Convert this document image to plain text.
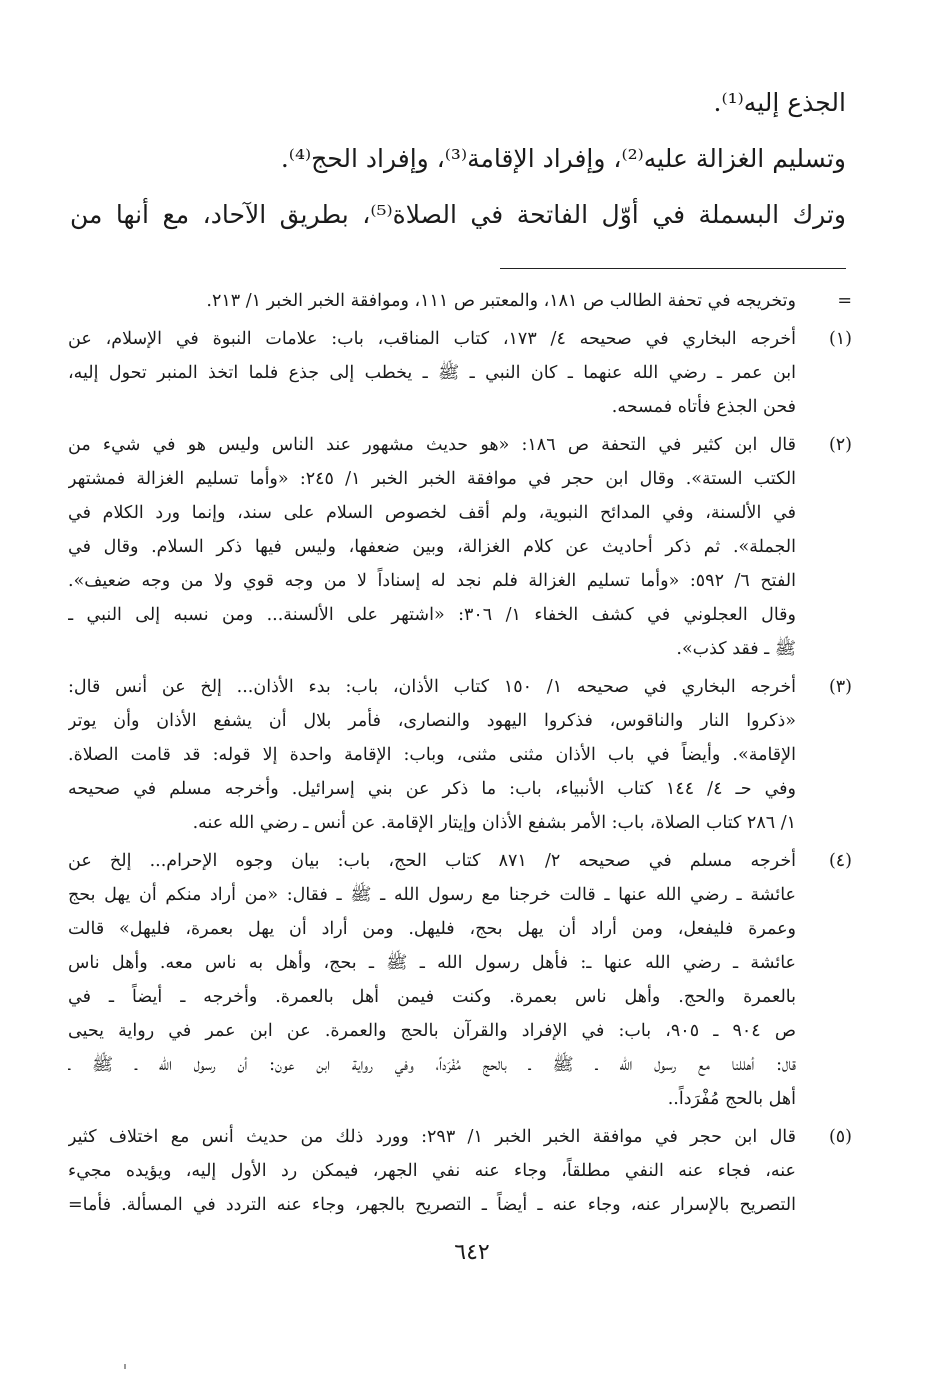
الجذع إليه⁽¹⁾.
وتسليم الغزالة عليه⁽²⁾، وإفراد الإقامة⁽³⁾، وإفراد الحج⁽⁴⁾.
وترك البسملة في أوّل الفاتحة في الصلاة⁽⁵⁾، بطريق الآحاد، مع أنها من
=
وتخريجه في تحفة الطالب ص ١٨١، والمعتبر ص ١١١، وموافقة الخبر الخبر ١/ ٢١٣.
(١)
أخرجه البخاري في صحيحه ٤/ ١٧٣، كتاب المناقب، باب: علامات النبوة في الإسلام، عن
ابن عمر ـ رضي الله عنهما ـ كان النبي ـ ﷺ ـ يخطب إلى جذع فلما اتخذ المنبر تحول إليه،
فحن الجذع فأتاه فمسحه.
(٢)
قال ابن كثير في التحفة ص ١٨٦: «هو حديث مشهور عند الناس وليس هو في شيء من
الكتب الستة». وقال ابن حجر في موافقة الخبر الخبر ١/ ٢٤٥: «وأما تسليم الغزالة فمشتهر
في الألسنة، وفي المدائح النبوية، ولم أقف لخصوص السلام على سند، وإنما ورد الكلام في
الجملة». ثم ذكر أحاديث عن كلام الغزالة، وبين ضعفها، وليس فيها ذكر السلام. وقال في
الفتح ٦/ ٥٩٢: «وأما تسليم الغزالة فلم نجد له إسناداً لا من وجه قوي ولا من وجه ضعيف».
وقال العجلوني في كشف الخفاء ١/ ٣٠٦: «اشتهر على الألسنة... ومن نسبه إلى النبي ـ
ﷺ ـ فقد كذب».
(٣)
أخرجه البخاري في صحيحه ١/ ١٥٠ كتاب الأذان، باب: بدء الأذان... إلخ عن أنس قال:
«ذكروا النار والناقوس، فذكروا اليهود والنصارى، فأمر بلال أن يشفع الأذان وأن يوتر
الإقامة». وأيضاً في باب الأذان مثنى مثنى، وباب: الإقامة واحدة إلا قوله: قد قامت الصلاة.
وفي حـ ٤/ ١٤٤ كتاب الأنبياء، باب: ما ذكر عن بني إسرائيل. وأخرجه مسلم في صحيحه
١/ ٢٨٦ كتاب الصلاة، باب: الأمر بشفع الأذان وإيتار الإقامة. عن أنس ـ رضي الله عنه.
(٤)
أخرجه مسلم في صحيحه ٢/ ٨٧١ كتاب الحج، باب: بيان وجوه الإحرام... إلخ عن
عائشة ـ رضي الله عنها ـ قالت خرجنا مع رسول الله ـ ﷺ ـ فقال: «من أراد منكم أن يهل بحج
وعمرة فليفعل، ومن أراد أن يهل بحج، فليهل. ومن أراد أن يهل بعمرة، فليهل» قالت
عائشة ـ رضي الله عنها ـ: فأهل رسول الله ـ ﷺ ـ بحج، وأهل به ناس معه. وأهل ناس
بالعمرة والحج. وأهل ناس بعمرة. وكنت فيمن أهل بالعمرة. وأخرجه ـ أيضاً ـ في
ص ٩٠٤ ـ ٩٠٥، باب: في الإفراد والقرآن بالحج والعمرة. عن ابن عمر في رواية يحيى
قال: أهللنا مع رسول الله ـ ﷺ ـ بالحج مُفْرَداً، وفي رواية ابن عون: أن رسول الله ـ ﷺ ـ
أهل بالحج مُفْرَداً..
(٥)
قال ابن حجر في موافقة الخبر الخبر ١/ ٢٩٣: وورد ذلك من حديث أنس مع اختلاف كثير
عنه، فجاء عنه النفي مطلقاً، وجاء عنه نفي الجهر، فيمكن رد الأول إليه، ويؤيده مجيء
التصريح بالإسرار عنه، وجاء عنه ـ أيضاً ـ التصريح بالجهر، وجاء عنه التردد في المسألة. فأما=
٦٤٢
